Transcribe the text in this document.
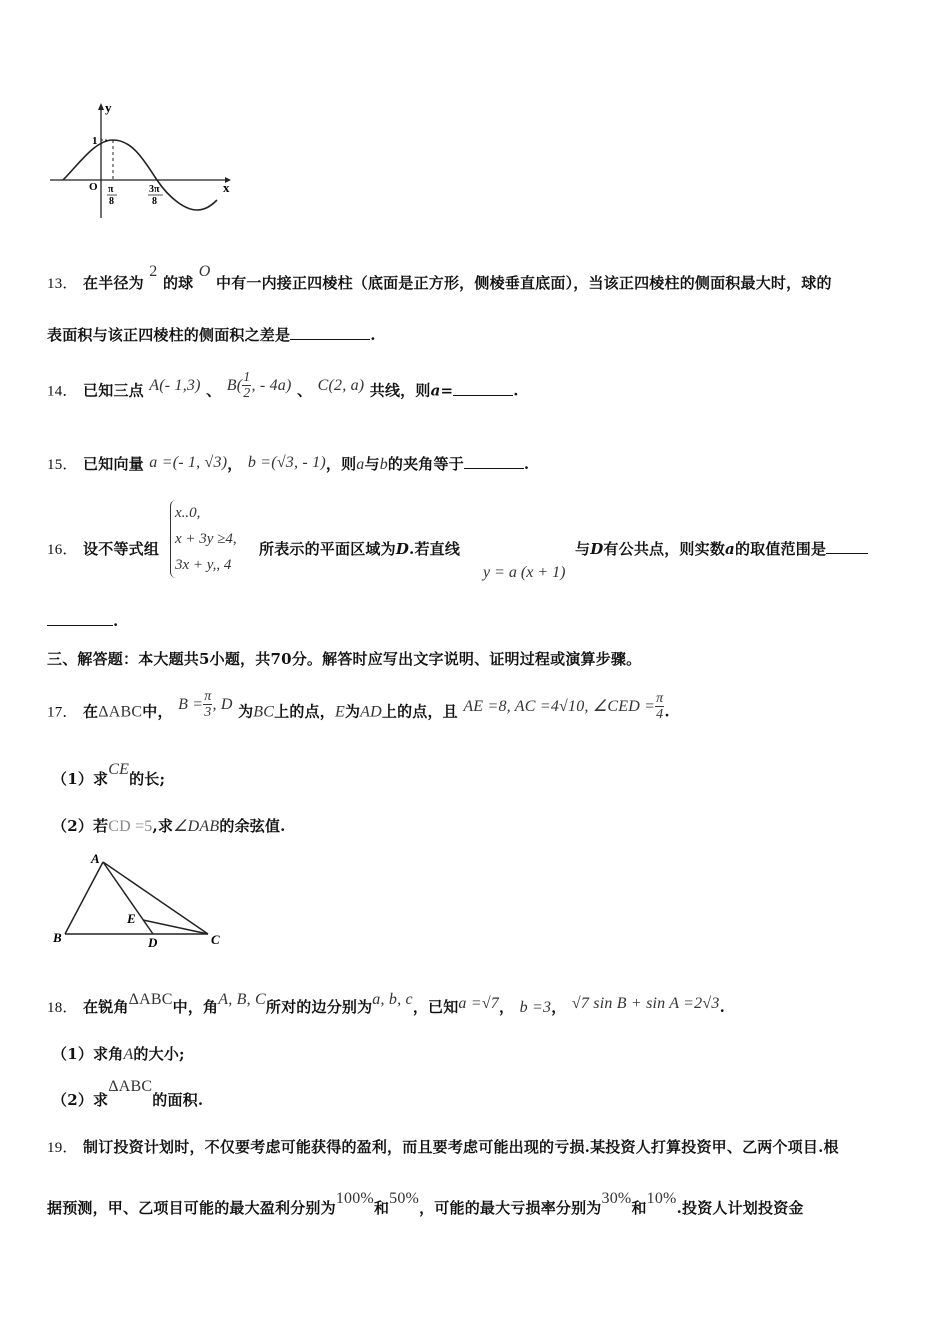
y
1
O	x
π
8
3π
8
13． 在半径为 2 的球 O 中有一内接正四棱柱（底面是正方形，侧棱垂直底面），当该正四棱柱的侧面积最大时，球的
表面积与该正四棱柱的侧面积之差是	.
14． 已知三点 A(- 1,3) 、 $B( \frac{1}{2}$ , - 4a) 、 C(2, a) 共线，则a=	.
15． 已知向量 a =(- 1, √3)， b =(√3, - 1)，则a与b的夹角等于	.
x..0,
x + 3y ≥4,
3x + y,, 4
16． 设不等式组	所表示的平面区域为D.若直线
y = a (x + 1)
与D有公共点，则实数a的取值范围是
.
三、解答题：本大题共5小题，共70分。解答时应写出文字说明、证明过程或演算步骤。
17． 在ΔABC中， $B = \frac{\pi}{3}$ , D 为BC上的点，E为AD上的点，且 AE =8, AC =4√10, ∠CED = $\frac{\pi}{4}$ .
（1）求CE的长;
（2）若CD =5,求∠DAB的余弦值.
A
B	C
D
E
18． 在锐角ΔABC中，角A, B, C所对的边分别为a, b, c，已知a =√7， b =3， √7 sin B + sin A =2√3.
（1）求角A的大小;
（2）求ΔABC的面积.
19． 制订投资计划时，不仅要考虑可能获得的盈利，而且要考虑可能出现的亏损.某投资人打算投资甲、乙两个项目.根
据预测，甲、乙项目可能的最大盈利分别为100%和50%，可能的最大亏损率分别为30%和10%.投资人计划投资金
